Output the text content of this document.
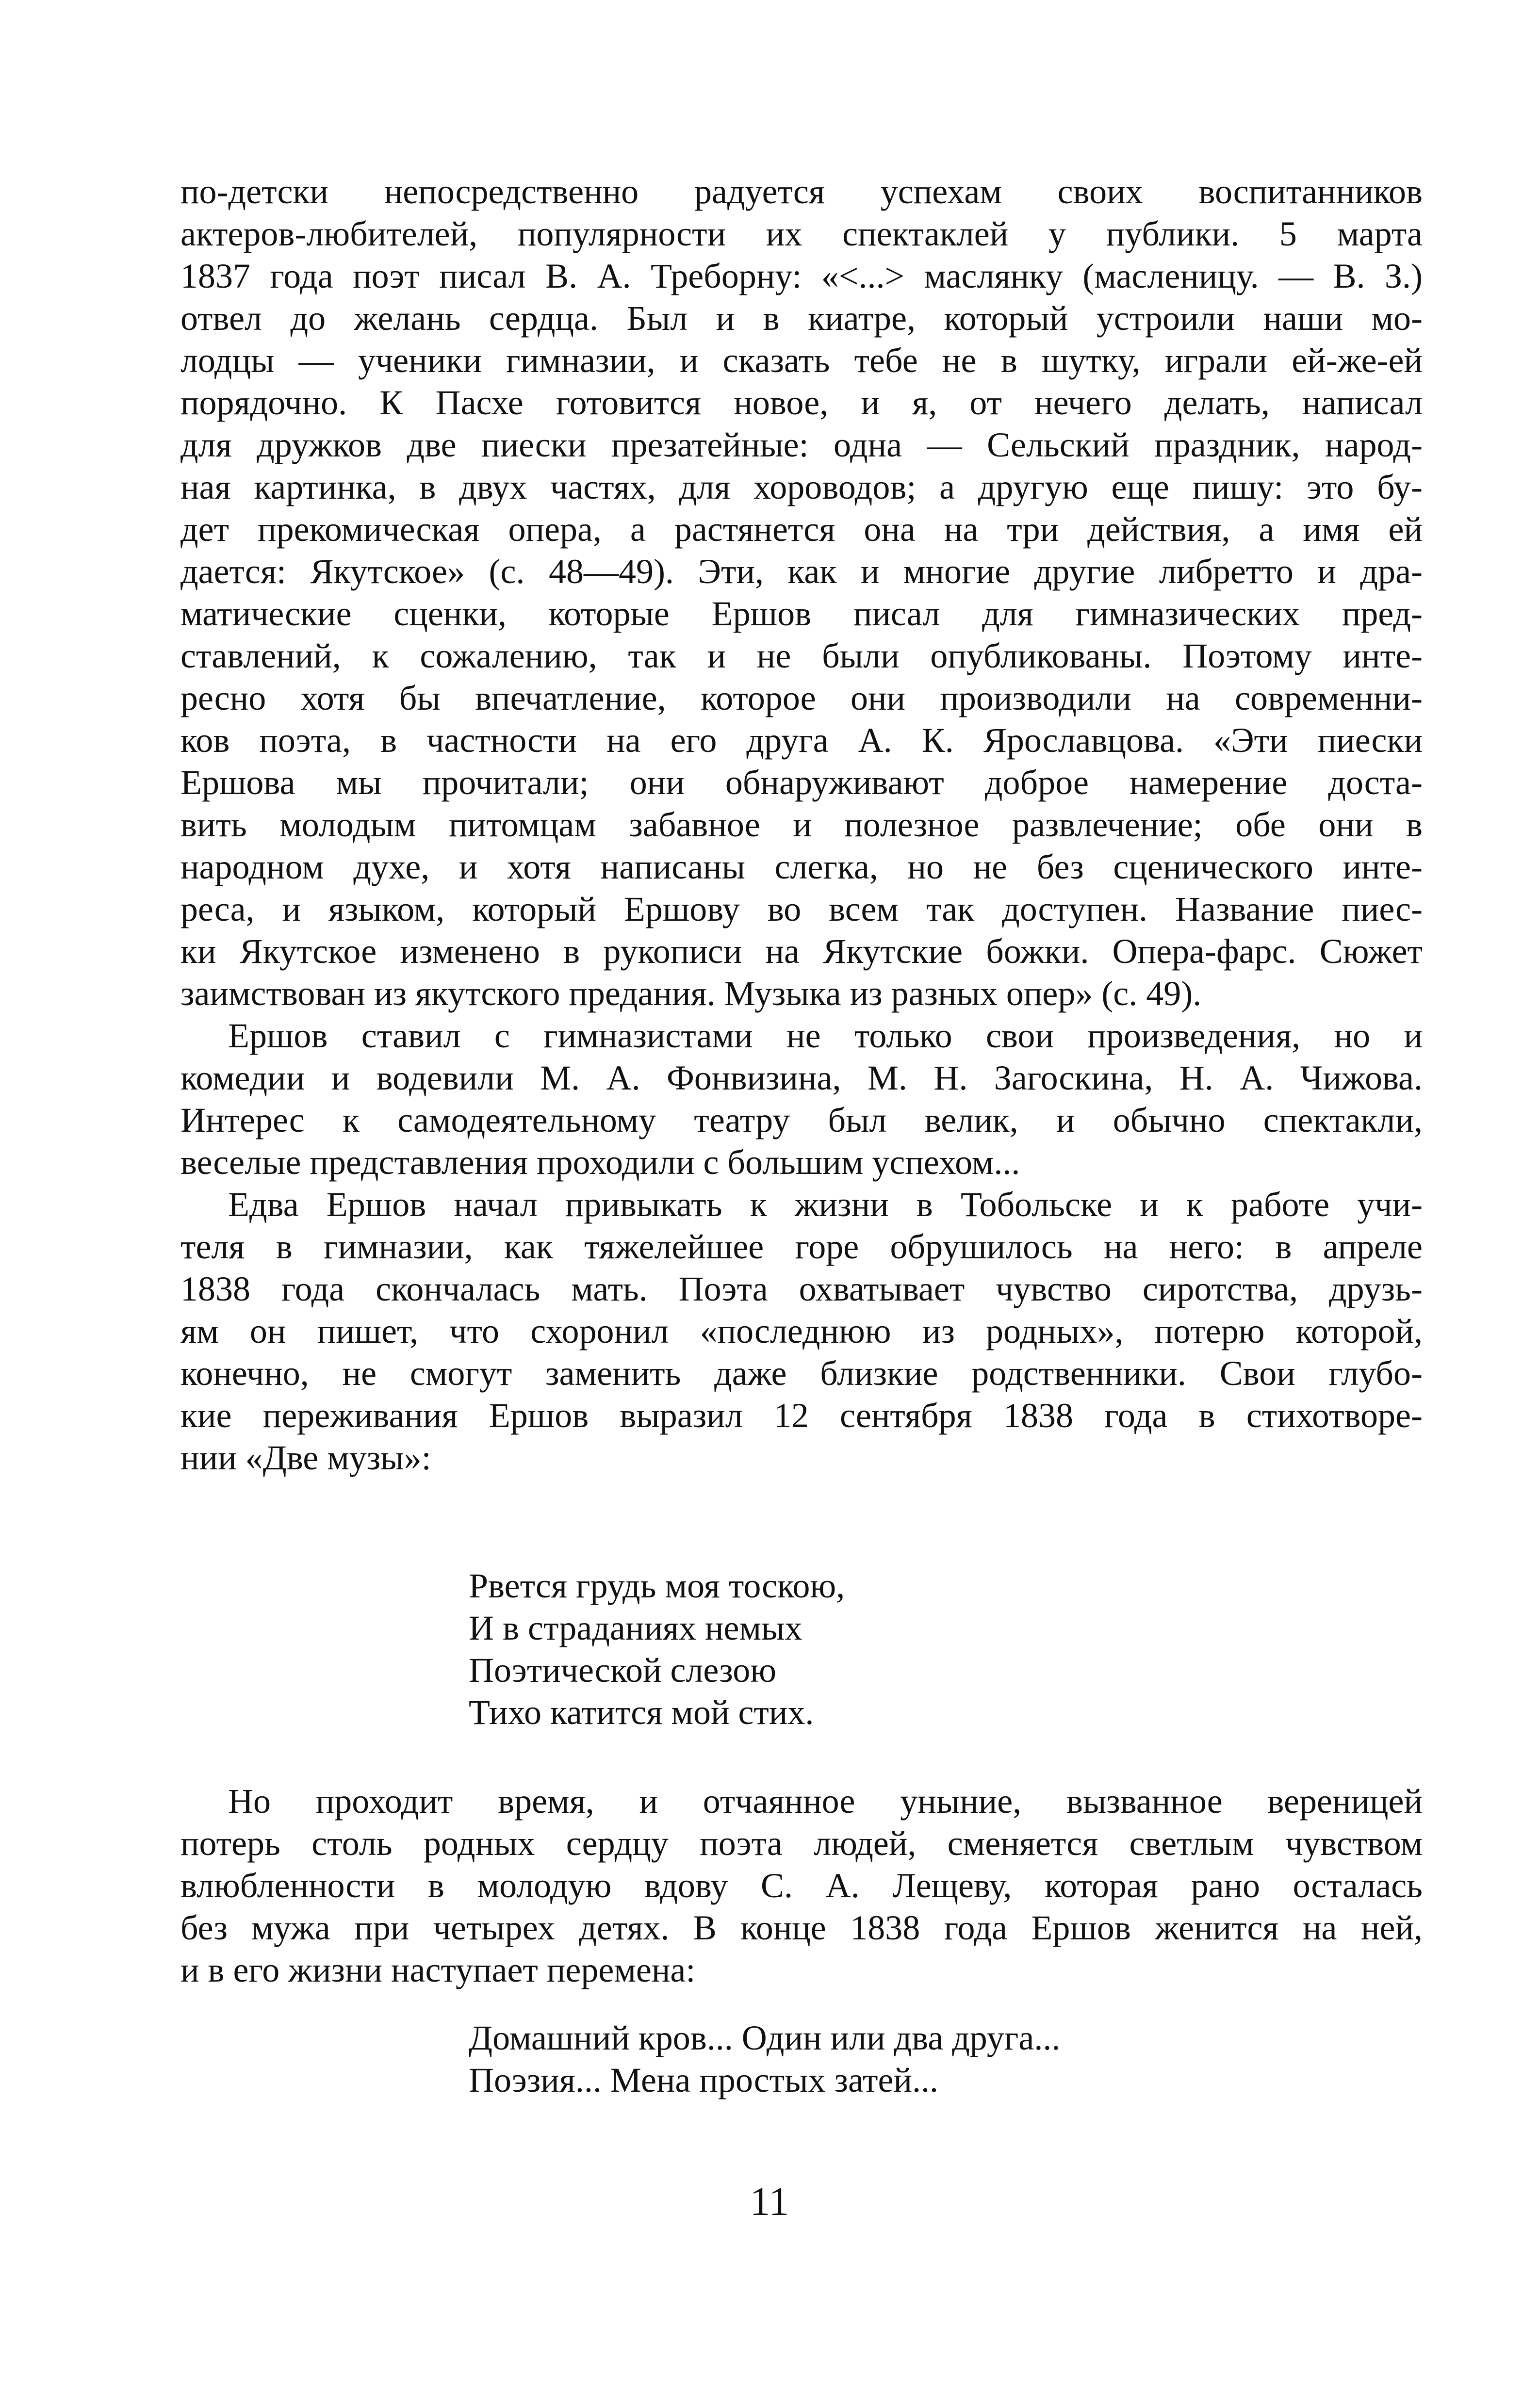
по-детски непосредственно радуется успехам своих воспитанников
актеров-любителей, популярности их спектаклей у публики. 5 марта
1837 года поэт писал В. А. Треборну: «<...> маслянку (масленицу. — В. З.)
отвел до желань сердца. Был и в киатре, который устроили наши мо-
лодцы — ученики гимназии, и сказать тебе не в шутку, играли ей-же-ей
порядочно. К Пасхе готовится новое, и я, от нечего делать, написал
для дружков две пиески презатейные: одна — Сельский праздник, народ-
ная картинка, в двух частях, для хороводов; а другую еще пишу: это бу-
дет прекомическая опера, а растянется она на три действия, а имя ей
дается: Якутское» (с. 48—49). Эти, как и многие другие либретто и дра-
матические сценки, которые Ершов писал для гимназических пред-
ставлений, к сожалению, так и не были опубликованы. Поэтому инте-
ресно хотя бы впечатление, которое они производили на современни-
ков поэта, в частности на его друга А. К. Ярославцова. «Эти пиески
Ершова мы прочитали; они обнаруживают доброе намерение доста-
вить молодым питомцам забавное и полезное развлечение; обе они в
народном духе, и хотя написаны слегка, но не без сценического инте-
реса, и языком, который Ершову во всем так доступен. Название пиес-
ки Якутское изменено в рукописи на Якутские божки. Опера-фарс. Сюжет
заимствован из якутского предания. Музыка из разных опер» (с. 49).
Ершов ставил с гимназистами не только свои произведения, но и
комедии и водевили М. А. Фонвизина, М. Н. Загоскина, Н. А. Чижова.
Интерес к самодеятельному театру был велик, и обычно спектакли,
веселые представления проходили с большим успехом...
Едва Ершов начал привыкать к жизни в Тобольске и к работе учи-
теля в гимназии, как тяжелейшее горе обрушилось на него: в апреле
1838 года скончалась мать. Поэта охватывает чувство сиротства, друзь-
ям он пишет, что схоронил «последнюю из родных», потерю которой,
конечно, не смогут заменить даже близкие родственники. Свои глубо-
кие переживания Ершов выразил 12 сентября 1838 года в стихотворе-
нии «Две музы»:
Рвется грудь моя тоскою,
И в страданиях немых
Поэтической слезою
Тихо катится мой стих.
Но проходит время, и отчаянное уныние, вызванное вереницей
потерь столь родных сердцу поэта людей, сменяется светлым чувством
влюбленности в молодую вдову С. А. Лещеву, которая рано осталась
без мужа при четырех детях. В конце 1838 года Ершов женится на ней,
и в его жизни наступает перемена:
Домашний кров... Один или два друга...
Поэзия... Мена простых затей...
11
